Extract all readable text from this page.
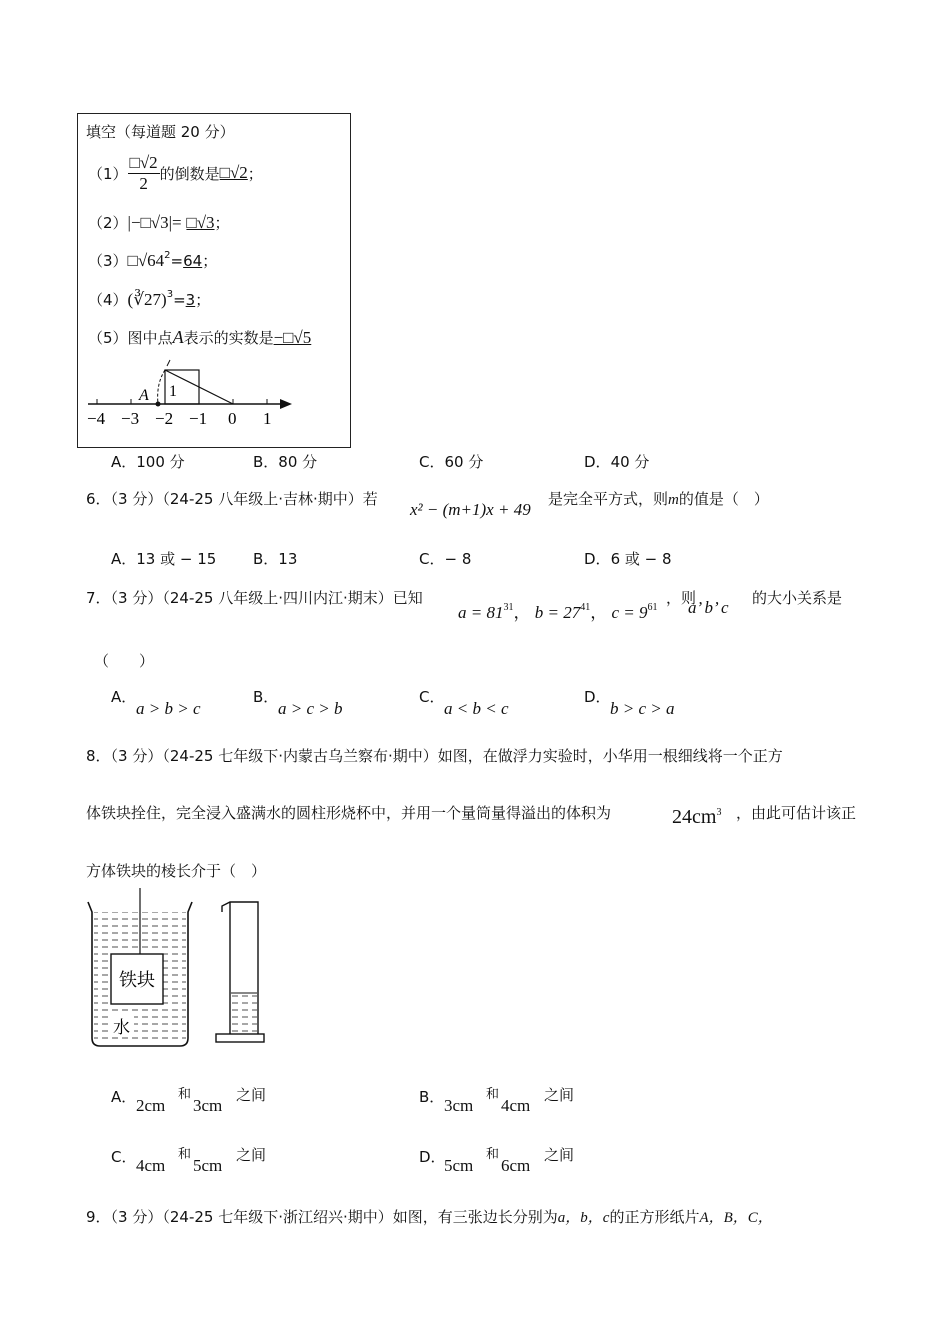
填空（每道题 20 分）
$(1) \frac{□√2}{2}$ 的倒数是 □√2 ；
（2）|−□√3|= □√3；
$(3)□√64^2=64$；
（4）(∛27)$^3$=3；
（5）图中点A表示的实数是−□√5
A 1
−4 −3 −2 −1 0 1
A．100 分	B．80 分	C．60 分	D．40 分
6．（3 分）（24-25 八年级上·吉林·期中）若
x² − (m+1)x + 49
是完全平方式，则m的值是（　）
A．13 或 − 15 B．13	C．− 8	D．6 或 − 8
7．（3 分）（24-25 八年级上·四川内江·期末）已知
$a = 81^{31}$， $b = 27^{41}$， $c = 9^{61}$
，则
a’ b’ c 的大小关系是
（　　）
A．
a > b > c
B．
a > c > b
C．
a < b < c
D．
b > c > a
8．（3 分）（24-25 七年级下·内蒙古乌兰察布·期中）如图，在做浮力实验时，小华用一根细线将一个正方
体铁块拴住，完全浸入盛满水的圆柱形烧杯中，并用一个量筒量得溢出的体积为	$24cm^3$ ，由此可估计该正
方体铁块的棱长介于（　）
铁块
水
A． 2cm
和
3cm
之间	B． 3cm
和
4cm
之间
C． 4cm
和
5cm
之间	D．
5cm
和
6cm
之间
9．（3 分）（24-25 七年级下·浙江绍兴·期中）如图，有三张边长分别为a，b，c的正方形纸片A，B，C，
